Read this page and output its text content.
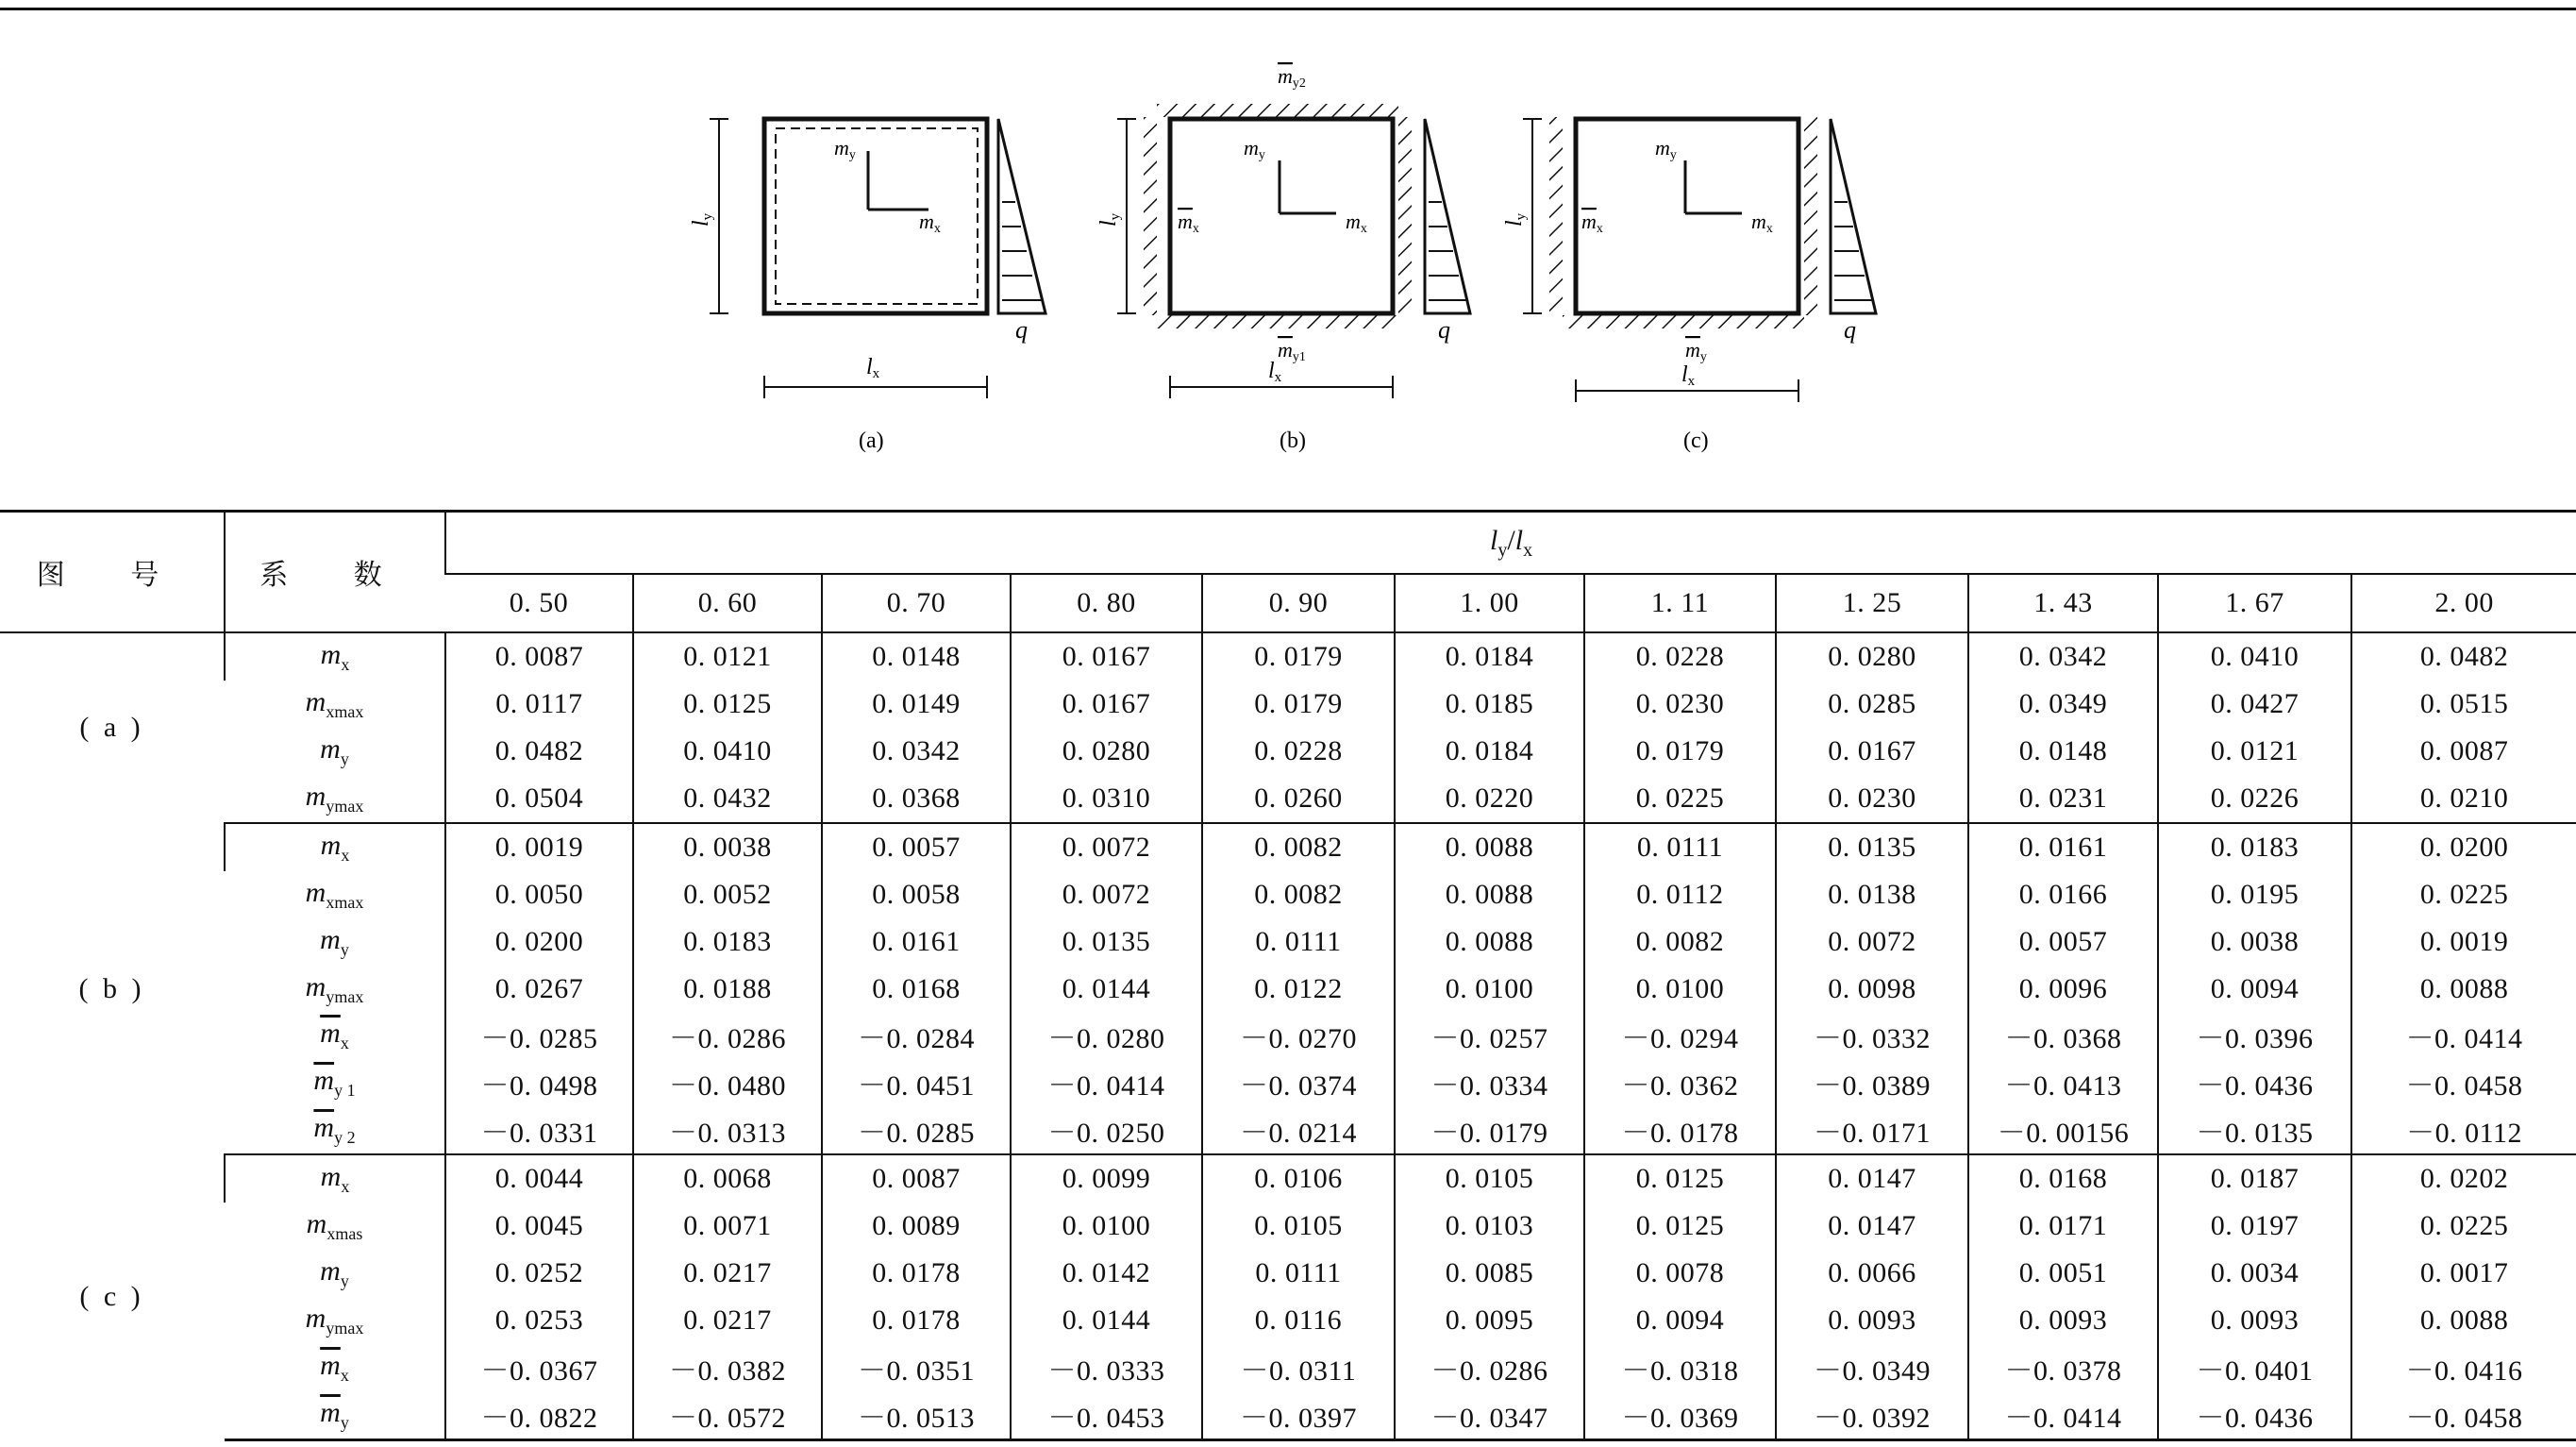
my
mx
ly
lx
q
(a)
my
mx
mx
my2
my1
ly
lx
q
(b)
my
mx
mx
my
ly
lx
q
(c)
图 号	系 数	$l_y/l_x$
		0. 50	0. 60	0. 70	0. 80	0. 90	1. 00	1. 11	1. 25	1. 43	1. 67	2. 00
( a )	$m_x$	0. 0087	0. 0121	0. 0148	0. 0167	0. 0179	0. 0184	0. 0228	0. 0280	0. 0342	0. 0410	0. 0482
	$m_{xmax}$	0. 0117	0. 0125	0. 0149	0. 0167	0. 0179	0. 0185	0. 0230	0. 0285	0. 0349	0. 0427	0. 0515
	$m_y$	0. 0482	0. 0410	0. 0342	0. 0280	0. 0228	0. 0184	0. 0179	0. 0167	0. 0148	0. 0121	0. 0087
	$m_{ymax}$	0. 0504	0. 0432	0. 0368	0. 0310	0. 0260	0. 0220	0. 0225	0. 0230	0. 0231	0. 0226	0. 0210
( b )	$m_x$	0. 0019	0. 0038	0. 0057	0. 0072	0. 0082	0. 0088	0. 0111	0. 0135	0. 0161	0. 0183	0. 0200
	$m_{xmax}$	0. 0050	0. 0052	0. 0058	0. 0072	0. 0082	0. 0088	0. 0112	0. 0138	0. 0166	0. 0195	0. 0225
	$m_y$	0. 0200	0. 0183	0. 0161	0. 0135	0. 0111	0. 0088	0. 0082	0. 0072	0. 0057	0. 0038	0. 0019
	$m_{ymax}$	0. 0267	0. 0188	0. 0168	0. 0144	0. 0122	0. 0100	0. 0100	0. 0098	0. 0096	0. 0094	0. 0088
	$\overline{m}_x$	－0. 0285	－0. 0286	－0. 0284	－0. 0280	－0. 0270	－0. 0257	－0. 0294	－0. 0332	－0. 0368	－0. 0396	－0. 0414
	$\overline{m}_{y 1}$	－0. 0498	－0. 0480	－0. 0451	－0. 0414	－0. 0374	－0. 0334	－0. 0362	－0. 0389	－0. 0413	－0. 0436	－0. 0458
	$\overline{m}_{y 2}$	－0. 0331	－0. 0313	－0. 0285	－0. 0250	－0. 0214	－0. 0179	－0. 0178	－0. 0171	－0. 00156	－0. 0135	－0. 0112
( c )	$m_x$	0. 0044	0. 0068	0. 0087	0. 0099	0. 0106	0. 0105	0. 0125	0. 0147	0. 0168	0. 0187	0. 0202
	$m_{xmas}$	0. 0045	0. 0071	0. 0089	0. 0100	0. 0105	0. 0103	0. 0125	0. 0147	0. 0171	0. 0197	0. 0225
	$m_y$	0. 0252	0. 0217	0. 0178	0. 0142	0. 0111	0. 0085	0. 0078	0. 0066	0. 0051	0. 0034	0. 0017
	$m_{ymax}$	0. 0253	0. 0217	0. 0178	0. 0144	0. 0116	0. 0095	0. 0094	0. 0093	0. 0093	0. 0093	0. 0088
	$\overline{m}_x$	－0. 0367	－0. 0382	－0. 0351	－0. 0333	－0. 0311	－0. 0286	－0. 0318	－0. 0349	－0. 0378	－0. 0401	－0. 0416
	$\overline{m}_y$	－0. 0822	－0. 0572	－0. 0513	－0. 0453	－0. 0397	－0. 0347	－0. 0369	－0. 0392	－0. 0414	－0. 0436	－0. 0458
